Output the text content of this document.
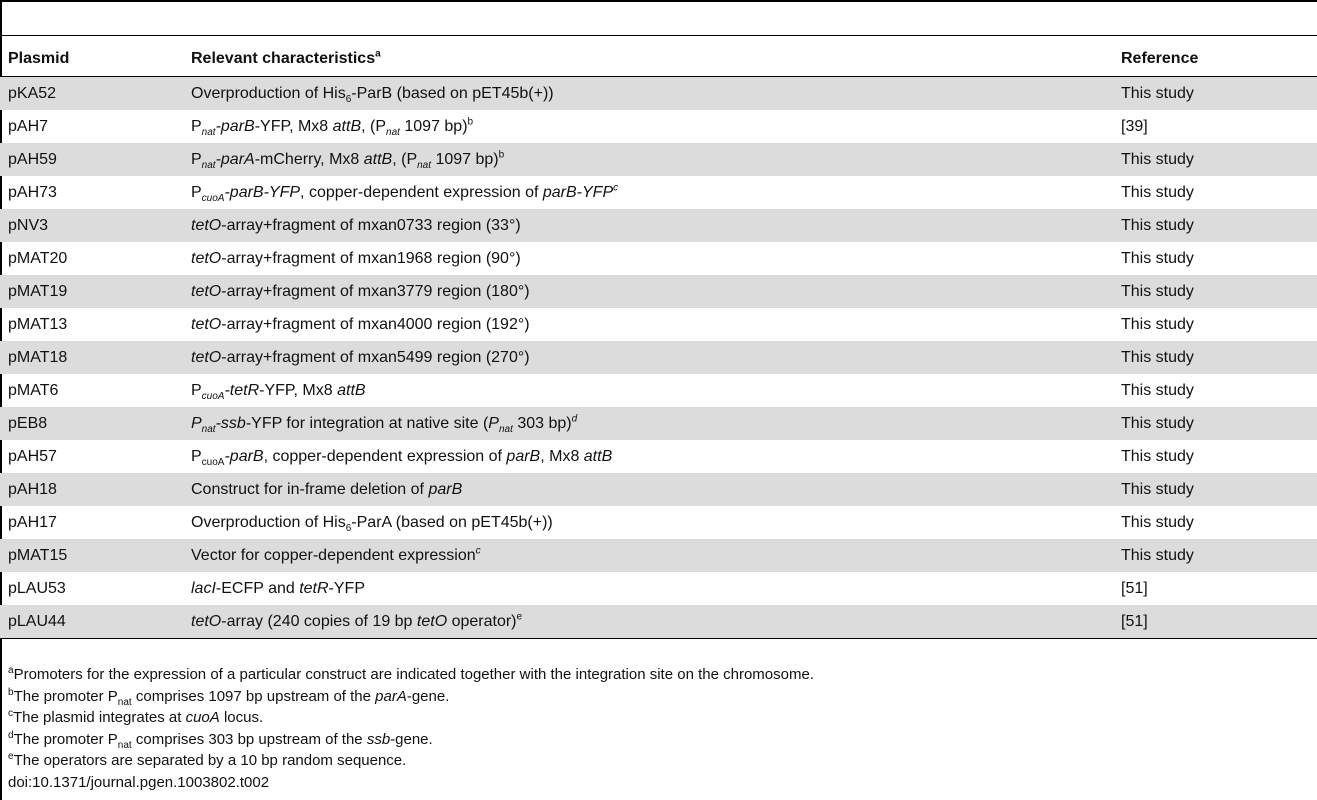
Plasmid	Relevant characteristics$^a$	Reference
pKA52	Overproduction of His$_6$-ParB (based on pET45b(+))	This study
pAH7	$P_{nat}-parB$-YFP, Mx8 attB, ($P_{nat}$ 1097 bp)$^b$	[39]
pAH59	$P_{nat}-parA$-mCherry, Mx8 attB, ($P_{nat}$ 1097 bp)$^b$	This study
pAH73	$P_{cuoA}-parB$-YFP, copper-dependent expression of parB-YFP$^c$	This study
pNV3	tetO-array+fragment of mxan0733 region (33°)	This study
pMAT20	tetO-array+fragment of mxan1968 region (90°)	This study
pMAT19	tetO-array+fragment of mxan3779 region (180°)	This study
pMAT13	tetO-array+fragment of mxan4000 region (192°)	This study
pMAT18	tetO-array+fragment of mxan5499 region (270°)	This study
pMAT6	$P_{cuoA}-tetR$-YFP, Mx8 attB	This study
pEB8	$P_{nat}-ssb$-YFP for integration at native site ($P_{nat}$ 303 bp)$^d$	This study
pAH57	$P_{cuoA}$-parB, copper-dependent expression of parB, Mx8 attB	This study
pAH18	Construct for in-frame deletion of parB	This study
pAH17	Overproduction of His$_6$-ParA (based on pET45b(+))	This study
pMAT15	Vector for copper-dependent expression$^c$	This study
pLAU53	lacI-ECFP and tetR-YFP	[51]
pLAU44	tetO-array (240 copies of 19 bp tetO operator)$^e$	[51]
$^a$Promoters for the expression of a particular construct are indicated together with the integration site on the chromosome.
$^b$The promoter $P_{nat}$ comprises 1097 bp upstream of the parA-gene.
$^c$The plasmid integrates at cuoA locus.
$^d$The promoter $P_{nat}$ comprises 303 bp upstream of the ssb-gene.
$^e$The operators are separated by a 10 bp random sequence.
doi:10.1371/journal.pgen.1003802.t002
